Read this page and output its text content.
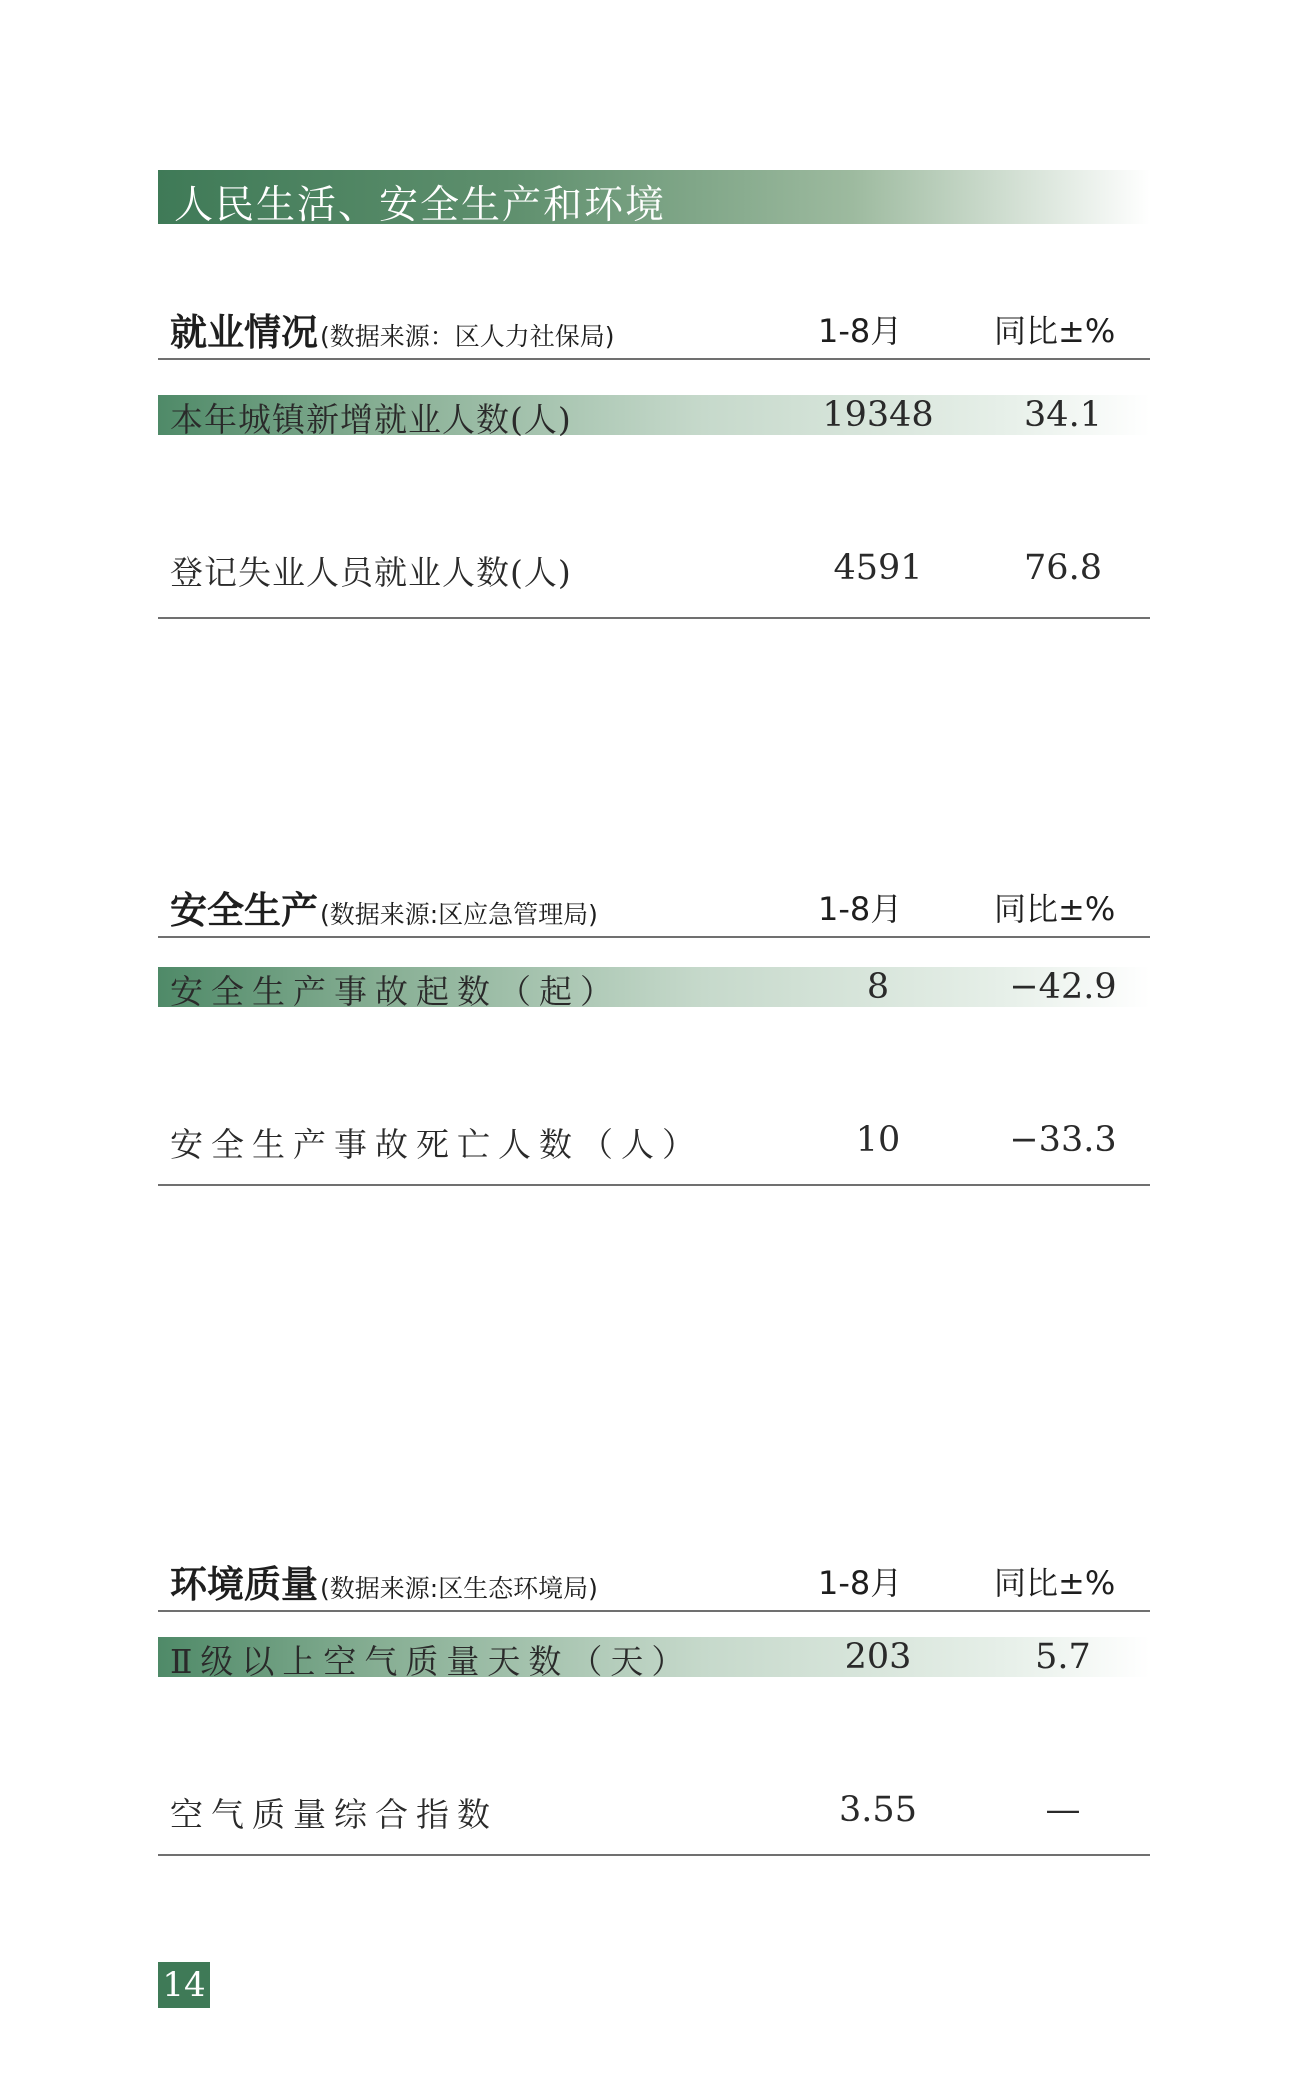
人民生活、安全生产和环境
就业情况(数据来源：区人力社保局)	1-8月	同比±%
本年城镇新增就业人数(人)	19348	34.1
登记失业人员就业人数(人)	4591	76.8
安全生产(数据来源:区应急管理局)	1-8月	同比±%
安全生产事故起数（起）	8	−42.9
安全生产事故死亡人数（人）	10	−33.3
环境质量(数据来源:区生态环境局)	1-8月	同比±%
Ⅱ级以上空气质量天数（天）	203	5.7
空气质量综合指数	3.55	—
14
